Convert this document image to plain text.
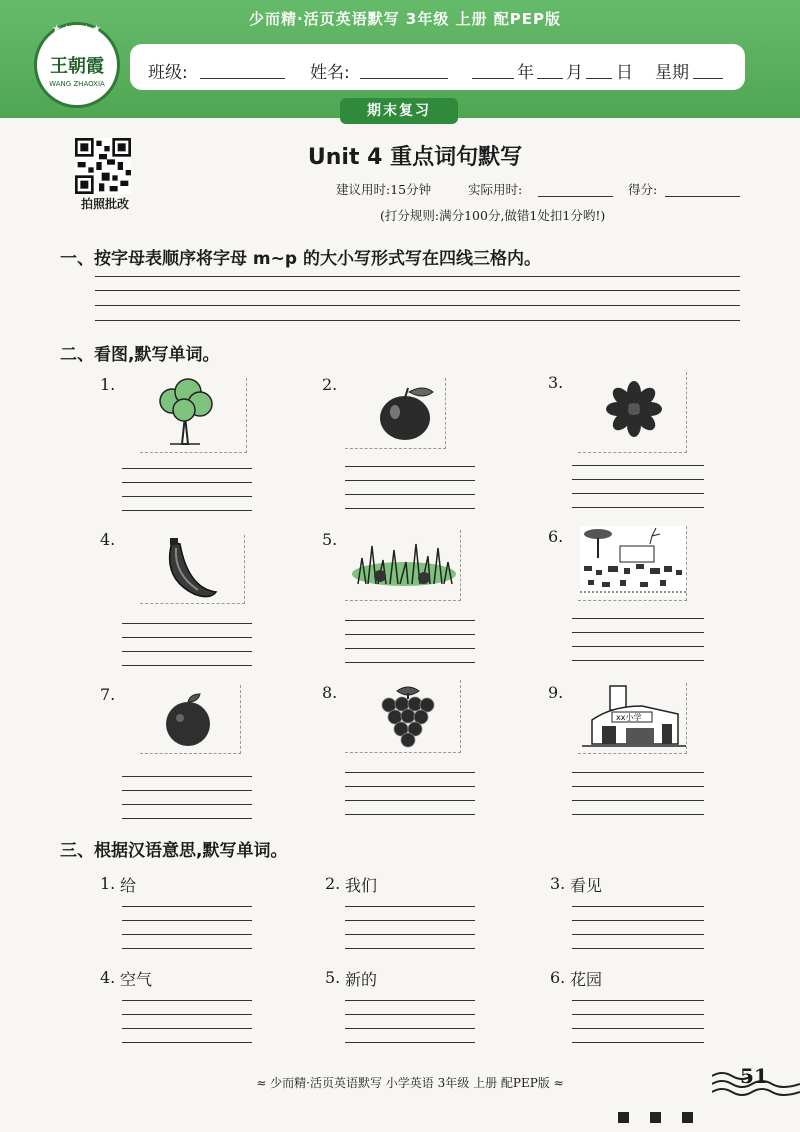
少而精·活页英语默写 3年级 上册 配PEP版
★★★★★
王朝霞
WANG ZHAOXIA
班级:	姓名:	年 月 日 星期
期末复习
拍照批改
Unit 4 重点词句默写
建议用时:15分钟	实际用时:	得分:
(打分规则:满分100分,做错1处扣1分哟!)
一、按字母表顺序将字母 m~p 的大小写形式写在四线三格内。
二、看图,默写单词。
1.	2.	3.
4.	5.	6.
7.	8.	9.
xx小学
三、根据汉语意思,默写单词。
1. 给	2. 我们	3. 看见
4. 空气	5. 新的	6. 花园
≈ 少而精·活页英语默写 小学英语 3年级 上册 配PEP版 ≈	51
